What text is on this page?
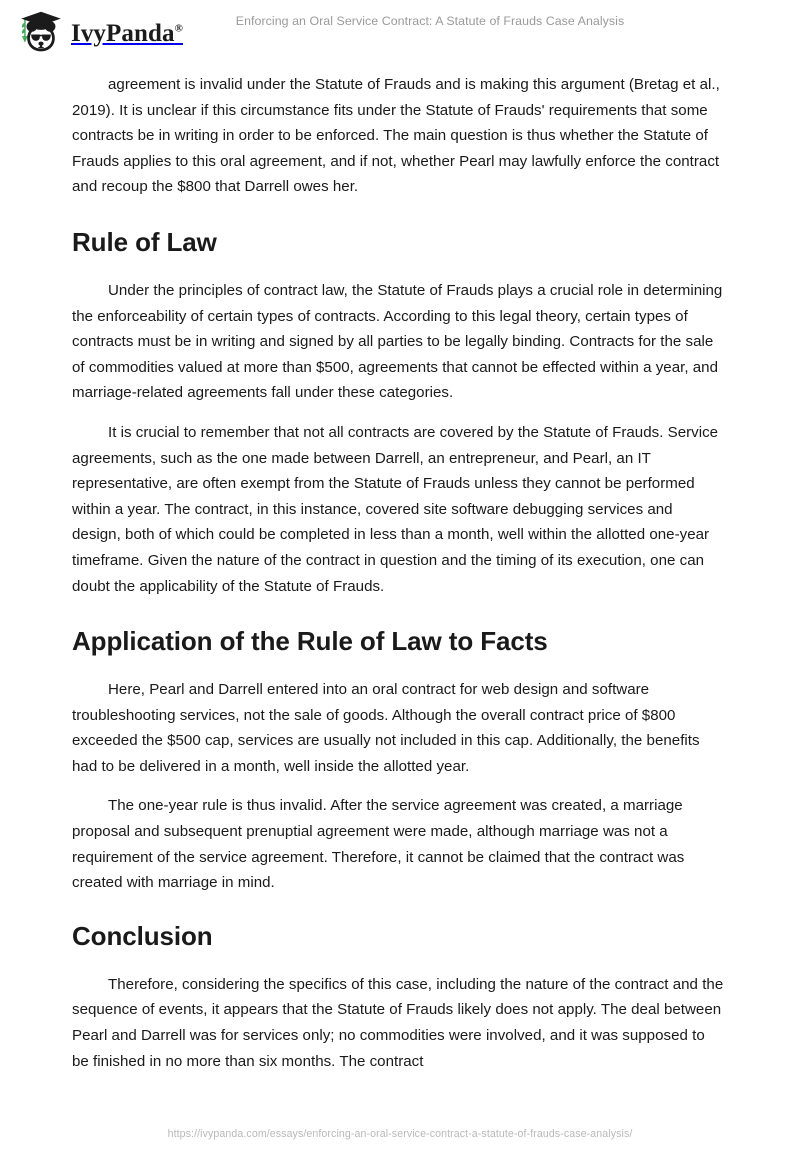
IvyPanda®
Enforcing an Oral Service Contract: A Statute of Frauds Case Analysis

agreement is invalid under the Statute of Frauds and is making this argument (Bretag et al., 2019). It is unclear if this circumstance fits under the Statute of Frauds' requirements that some contracts be in writing in order to be enforced. The main question is thus whether the Statute of Frauds applies to this oral agreement, and if not, whether Pearl may lawfully enforce the contract and recoup the $800 that Darrell owes her.

Rule of Law

Under the principles of contract law, the Statute of Frauds plays a crucial role in determining the enforceability of certain types of contracts. According to this legal theory, certain types of contracts must be in writing and signed by all parties to be legally binding. Contracts for the sale of commodities valued at more than $500, agreements that cannot be effected within a year, and marriage-related agreements fall under these categories.

It is crucial to remember that not all contracts are covered by the Statute of Frauds. Service agreements, such as the one made between Darrell, an entrepreneur, and Pearl, an IT representative, are often exempt from the Statute of Frauds unless they cannot be performed within a year. The contract, in this instance, covered site software debugging services and design, both of which could be completed in less than a month, well within the allotted one-year timeframe. Given the nature of the contract in question and the timing of its execution, one can doubt the applicability of the Statute of Frauds.

Application of the Rule of Law to Facts

Here, Pearl and Darrell entered into an oral contract for web design and software troubleshooting services, not the sale of goods. Although the overall contract price of $800 exceeded the $500 cap, services are usually not included in this cap. Additionally, the benefits had to be delivered in a month, well inside the allotted year.

The one-year rule is thus invalid. After the service agreement was created, a marriage proposal and subsequent prenuptial agreement were made, although marriage was not a requirement of the service agreement. Therefore, it cannot be claimed that the contract was created with marriage in mind.

Conclusion

Therefore, considering the specifics of this case, including the nature of the contract and the sequence of events, it appears that the Statute of Frauds likely does not apply. The deal between Pearl and Darrell was for services only; no commodities were involved, and it was supposed to be finished in no more than six months. The contract

https://ivypanda.com/essays/enforcing-an-oral-service-contract-a-statute-of-frauds-case-analysis/
